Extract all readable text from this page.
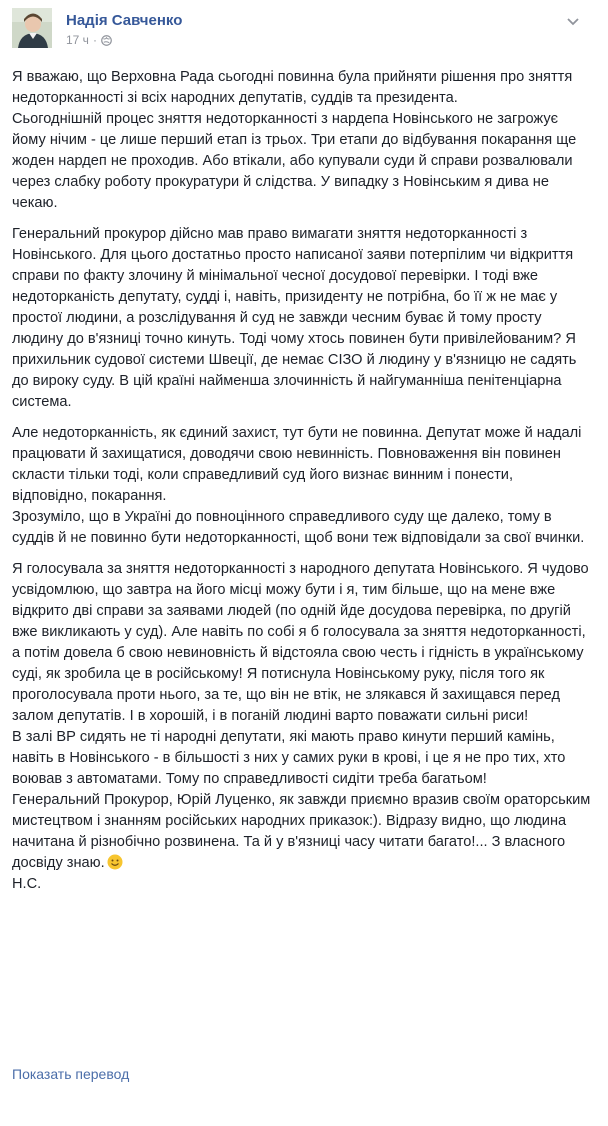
Надія Савченко
17 ч ·

Я вважаю, що Верховна Рада сьогодні повинна була прийняти рішення про зняття недоторканності зі всіх народних депутатів, суддів та президента.
Сьогоднішній процес зняття недоторканності з нардепа Новінського не загрожує йому нічим - це лише перший етап із трьох. Три етапи до відбування покарання ще жоден нардеп не проходив. Або втікали, або купували суди й справи розвалювали через слабку роботу прокуратури й слідства. У випадку з Новінським я дива не чекаю.

Генеральний прокурор дійсно мав право вимагати зняття недоторканності з Новінського. Для цього достатньо просто написаної заяви потерпілим чи відкриття справи по факту злочину й мінімальної чесної досудової перевірки. І тоді вже недоторканість депутату, судді і, навіть, призиденту не потрібна, бо її ж не має у простої людини, а розслідування й суд не завжди чесним буває й тому просту людину до в'язниці точно кинуть. Тоді чому хтось повинен бути привілейованим? Я прихильник судової системи Швеції, де немає СІЗО й людину у в'язницю не садять до вироку суду. В цій країні найменша злочинність й найгуманніша пенітенціарна система.

Але недоторканність, як єдиний захист, тут бути не повинна. Депутат може й надалі працювати й захищатися, доводячи свою невинність. Повноваження він повинен скласти тільки тоді, коли справедливий суд його визнає винним і понести, відповідно, покарання.
Зрозуміло, що в Україні до повноцінного справедливого суду ще далеко, тому в суддів й не повинно бути недоторканності, щоб вони теж відповідали за свої вчинки.

Я голосувала за зняття недоторканності з народного депутата Новінського. Я чудово усвідомлюю, що завтра на його місці можу бути і я, тим більше, що на мене вже відкрито дві справи за заявами людей (по одній йде досудова перевірка, по другій вже викликають у суд). Але навіть по собі я б голосувала за зняття недоторканності, а потім довела б свою невиновність й відстояла свою честь і гідність в українському суді, як зробила це в російському! Я потиснула Новінському руку, після того як проголосувала проти нього, за те, що він не втік, не злякався й захищався перед залом депутатів. І в хорошій, і в поганій людині варто поважати сильні риси!
В залі ВР сидять не ті народні депутати, які мають право кинути перший камінь, навіть в Новінського - в більшості з них у самих руки в крові, і це я не про тих, хто воював з автоматами. Тому по справедливості сидіти треба багатьом!
Генеральний Прокурор, Юрій Луценко, як завжди приємно вразив своїм ораторським мистецтвом і знанням російських народних приказок:). Відразу видно, що людина начитана й різнобічно розвинена. Та й у в'язниці часу читати багато!... З власного досвіду знаю.

Н.С.

Показать перевод
